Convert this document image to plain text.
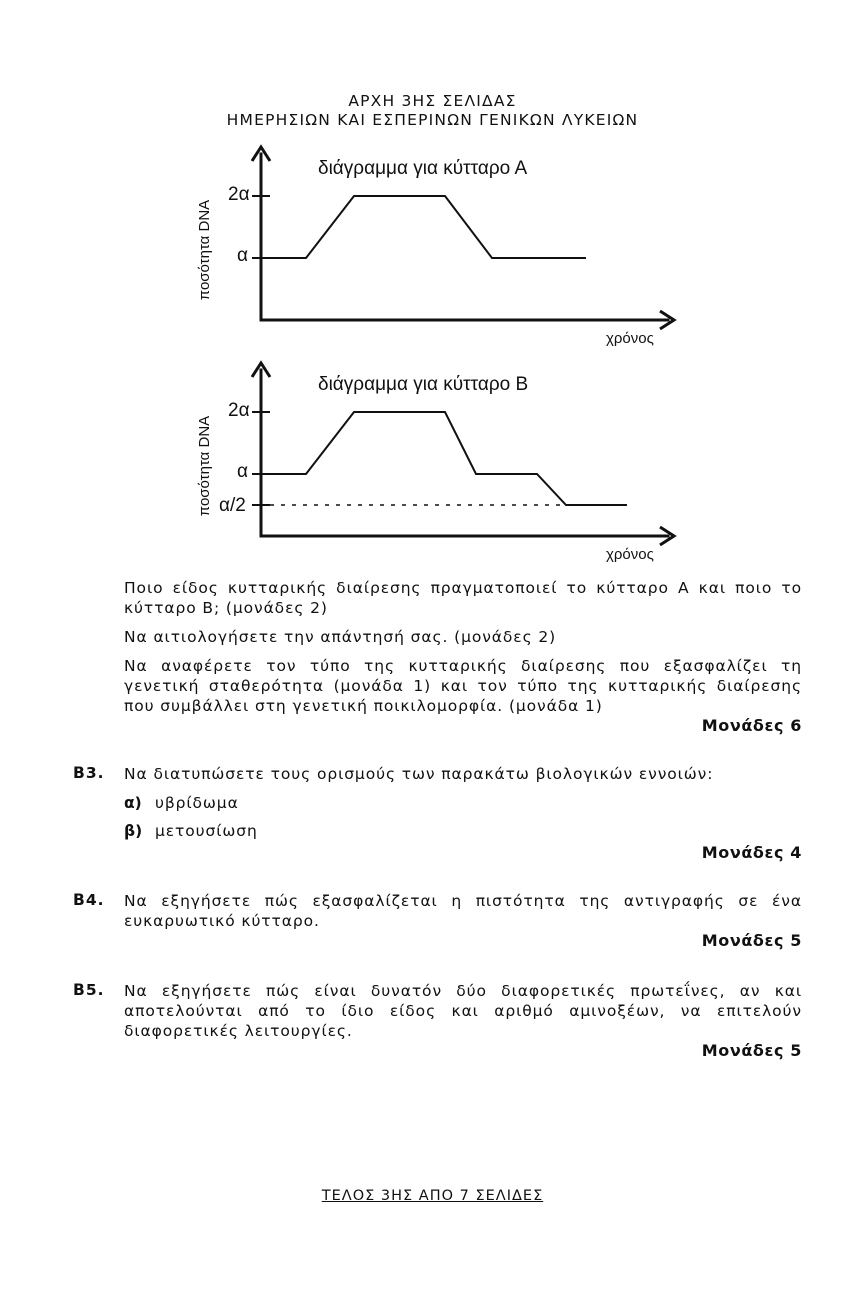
ΑΡΧΗ 3ΗΣ ΣΕΛΙΔΑΣ
ΗΜΕΡΗΣΙΩΝ ΚΑΙ ΕΣΠΕΡΙΝΩΝ ΓΕΝΙΚΩΝ ΛΥΚΕΙΩΝ
διάγραμμα για κύτταρο Α
ποσότητα DNA
2α
α
χρόνος
διάγραμμα για κύτταρο Β
ποσότητα DNA
2α
α
α/2
χρόνος

Ποιο είδος κυτταρικής διαίρεσης πραγματοποιεί το κύτταρο Α και ποιο το κύτταρο Β; (μονάδες 2)

Να αιτιολογήσετε την απάντησή σας. (μονάδες 2)

Να αναφέρετε τον τύπο της κυτταρικής διαίρεσης που εξασφαλίζει τη γενετική σταθερότητα (μονάδα 1) και τον τύπο της κυτταρικής διαίρεσης που συμβάλλει στη γενετική ποικιλομορφία. (μονάδα 1)

Μονάδες 6
Β3. Να διατυπώσετε τους ορισμούς των παρακάτω βιολογικών εννοιών:

α) υβρίδωμα
β) μετουσίωση
Μονάδες 4
Β4. Να εξηγήσετε πώς εξασφαλίζεται η πιστότητα της αντιγραφής σε ένα ευκαρυωτικό κύτταρο.

Μονάδες 5
Β5. Να εξηγήσετε πώς είναι δυνατόν δύο διαφορετικές πρωτεΐνες, αν και αποτελούνται από το ίδιο είδος και αριθμό αμινοξέων, να επιτελούν διαφορετικές λειτουργίες.

Μονάδες 5
ΤΕΛΟΣ 3ΗΣ ΑΠΟ 7 ΣΕΛΙΔΕΣ
